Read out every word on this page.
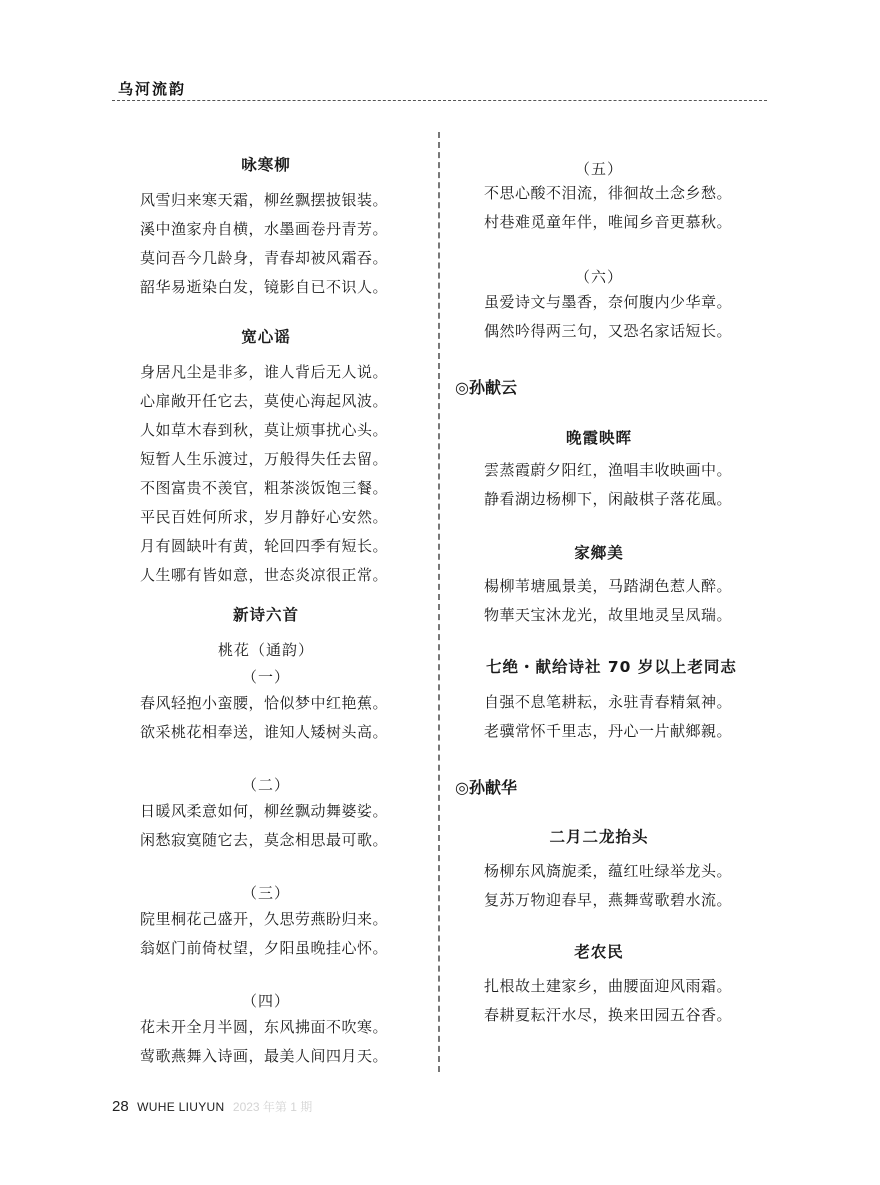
乌河流韵
咏寒柳
风雪归来寒天霜，柳丝飘摆披银装。
溪中渔家舟自横，水墨画卷丹青芳。
莫问吾今几龄身，青春却被风霜吞。
韶华易逝染白发，镜影自已不识人。
宽心谣
身居凡尘是非多，谁人背后无人说。
心扉敞开任它去，莫使心海起风波。
人如草木春到秋，莫让烦事扰心头。
短暂人生乐渡过，万般得失任去留。
不图富贵不羡官，粗茶淡饭饱三餐。
平民百姓何所求，岁月静好心安然。
月有圆缺叶有黄，轮回四季有短长。
人生哪有皆如意，世态炎凉很正常。
新诗六首
桃花（通韵）
（一）
春风轻抱小蛮腰，恰似梦中红艳蕉。
欲采桃花相奉送，谁知人矮树头高。
（二）
日暖风柔意如何，柳丝飘动舞婆娑。
闲愁寂寞随它去，莫念相思最可歌。
（三）
院里桐花己盛开，久思劳燕盼归来。
翁妪门前倚杖望，夕阳虽晚挂心怀。
（四）
花未开全月半圆，东风拂面不吹寒。
莺歌燕舞入诗画，最美人间四月天。
（五）
不思心酸不泪流，徘徊故土念乡愁。
村巷难觅童年伴，唯闻乡音更慕秋。
（六）
虽爱诗文与墨香，奈何腹内少华章。
偶然吟得两三句，又恐名家话短长。
◎孙献云
晚霞映晖
雲蒸霞蔚夕阳红，渔唱丰收映画中。
静看湖边杨柳下，闲敲棋子落花風。
家鄉美
楊柳苇塘風景美，马踏湖色惹人醉。
物華天宝沐龙光，故里地灵呈凤瑞。
七绝・献给诗社 70 岁以上老同志
自强不息笔耕耘，永驻青春精氣神。
老骥常怀千里志，丹心一片献鄉親。
◎孙献华
二月二龙抬头
杨柳东风旖旎柔，蕴红吐绿举龙头。
复苏万物迎春早，燕舞莺歌碧水流。
老农民
扎根故土建家乡，曲腰面迎风雨霜。
春耕夏耘汗水尽，换来田园五谷香。
28 WUHE LIUYUN 2023 年第 1 期
